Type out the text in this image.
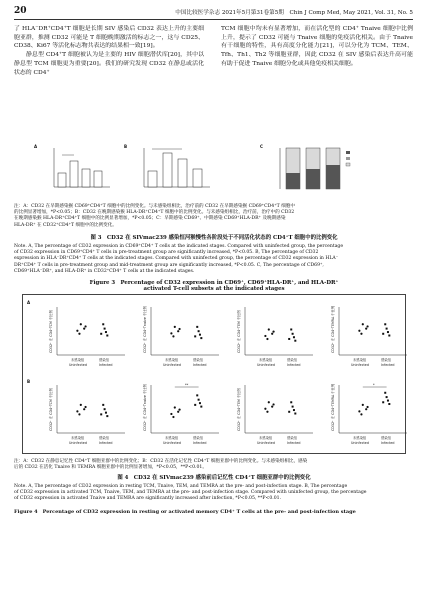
20	中国比较医学杂志 2021年5月第31卷第5期　Chin J Comp Med, May 2021, Vol. 31, No. 5

了 HLA⁻DR⁺CD4⁺T 细胞是长期 SIV 感染后 CD32 表达上升的主要细胞亚群，推测 CD32 可能是 T 细胞晚期激活的标志之一，这与 CD25、CD38、Ki67 等活化标志物共表达的结果相一致[19]。

静息型 CD4⁺T 细胞被认为是主要的 HIV 细胞潜伏库[20]，其中以静息型 TCM 细胞更为重要[20]。我们的研究发现 CD32 在静息或活化状态的 CD4⁺

TCM 细胞中均未有显著增加，而在活化型的 CD4⁺ Tnaive 细胞中比例上升，提示了 CD32 可能与 Tnaive 细胞的免疫活化相关。由于 Tnaive 有干细胞的特性，具有高度分化能力[21]，可以分化为 TCM、TEM、Tfh、Th1、Th2 等细胞亚群，因此 CD32 在 SIV 感染后表达升高可能有助于促进 Tnaive 细胞分化或具他免疫相关细胞。

A	B	C
注：A：CD32 在早期感染猴 CD69⁺CD4⁺T 细胞中的比例变化。与未感染组相比，治疗前的 CD32 在早期感染猴 CD69⁺CD4⁺T 细胞中
的比例显著增加，*P<0.05；B：CD32 在晚期感染猴 HLA-DR⁺CD4⁺T 细胞中的比例变化。与未感染组相比，治疗前，治疗中的 CD32
在晚期感染猴 HLA-DR⁺CD4⁺T 细胞中的比例显著增加，*P<0.05；C：早期感染 CD69⁺、中期感染 CD69⁺HLA-DR⁺ 及晚期感染
HLA-DR⁺ 在 CD32⁺CD4⁺T 细胞中的比例变化。
图 3　CD32 在 SIVmac239 感染恒河猴慢性各阶段处于不同活化状态的 CD4⁺T 细胞中的比例变化
Note. A, The percentage of CD32 expression in CD69⁺CD4⁺ T cells at the indicated stages. Compared with uninfected group, the percentage
of CD32 expression in CD69⁺CD4⁺ T cells in pre-treatment group are significantly increased, *P<0.05. B, The percentage of CD32
expression in HLA⁻DR⁺CD4⁺ T cells at the indicated stages. Compared with uninfected group, the percentage of CD32 expression in HLA⁻
DR⁺CD4⁺ T cells in pre-treatment group and mid-treatment group are significantly increased, *P<0.05. C, The percentage of CD69⁺,
CD69⁺HLA⁻DR⁺, and HLA-DR⁺ in CD32⁺CD4⁺ T cells at the indicated stages.
Figure 3　Percentage of CD32 expression in CD69⁺, CD69⁺HLA-DR⁺, and HLA-DR⁺
activated T-cell subsets at the indicated stages
A
B
CD32⁺ 在 CD4⁺TCM 中比例
未感染组	感染组
Uninfected	Infected
CD32⁺ 在 CD4⁺Tnaive 中比例
未感染组	感染组
Uninfected	Infected
CD32⁺ 在 CD4⁺TEM 中比例
未感染组	感染组
Uninfected	Infected
CD32⁺ 在 CD4⁺TEMRA 中比例
未感染组	感染组
Uninfected	Infected
CD32⁺ 在 CD4⁺TCM 中比例
未感染组	感染组
Uninfected	Infected
CD32⁺ 在 CD4⁺Tnaive 中比例
未感染组	感染组
Uninfected	Infected
**
CD32⁺ 在 CD4⁺TEM 中比例
未感染组	感染组
Uninfected	Infected
CD32⁺ 在 CD4⁺TEMRA 中比例
未感染组	感染组
Uninfected	Infected
*
注：A：CD32 在静息记忆性 CD4⁺T 细胞亚群中的比例变化；B：CD32 在活化记忆性 CD4⁺T 细胞亚群中的比例变化。与未感染组相比，感染
后的 CD32 在活化 Tnaive 和 TEMRA 细胞亚群中的比例显著增加，*P<0.05，**P<0.01。
图 4　CD32 在 SIVmac239 感染前后记忆性 CD4⁺T 细胞亚群中的比例变化
Note. A, The percentage of CD32 expression in resting TCM, Tnaive, TEM, and TEMRA at the pre- and post-infection stage. B, The percentage
of CD32 expression in activated TCM, Tnaive, TEM, and TEMRA at the pre- and post-infection stage. Compared with uninfected group, the percentage
of CD32 expression in activated Tnaive and TEMRA are significantly increased after infection, *P<0.05, **P<0.01.
Figure 4　Percentage of CD32 expression in resting or activated memory CD4⁺ T cells at the pre- and post-infection stage
